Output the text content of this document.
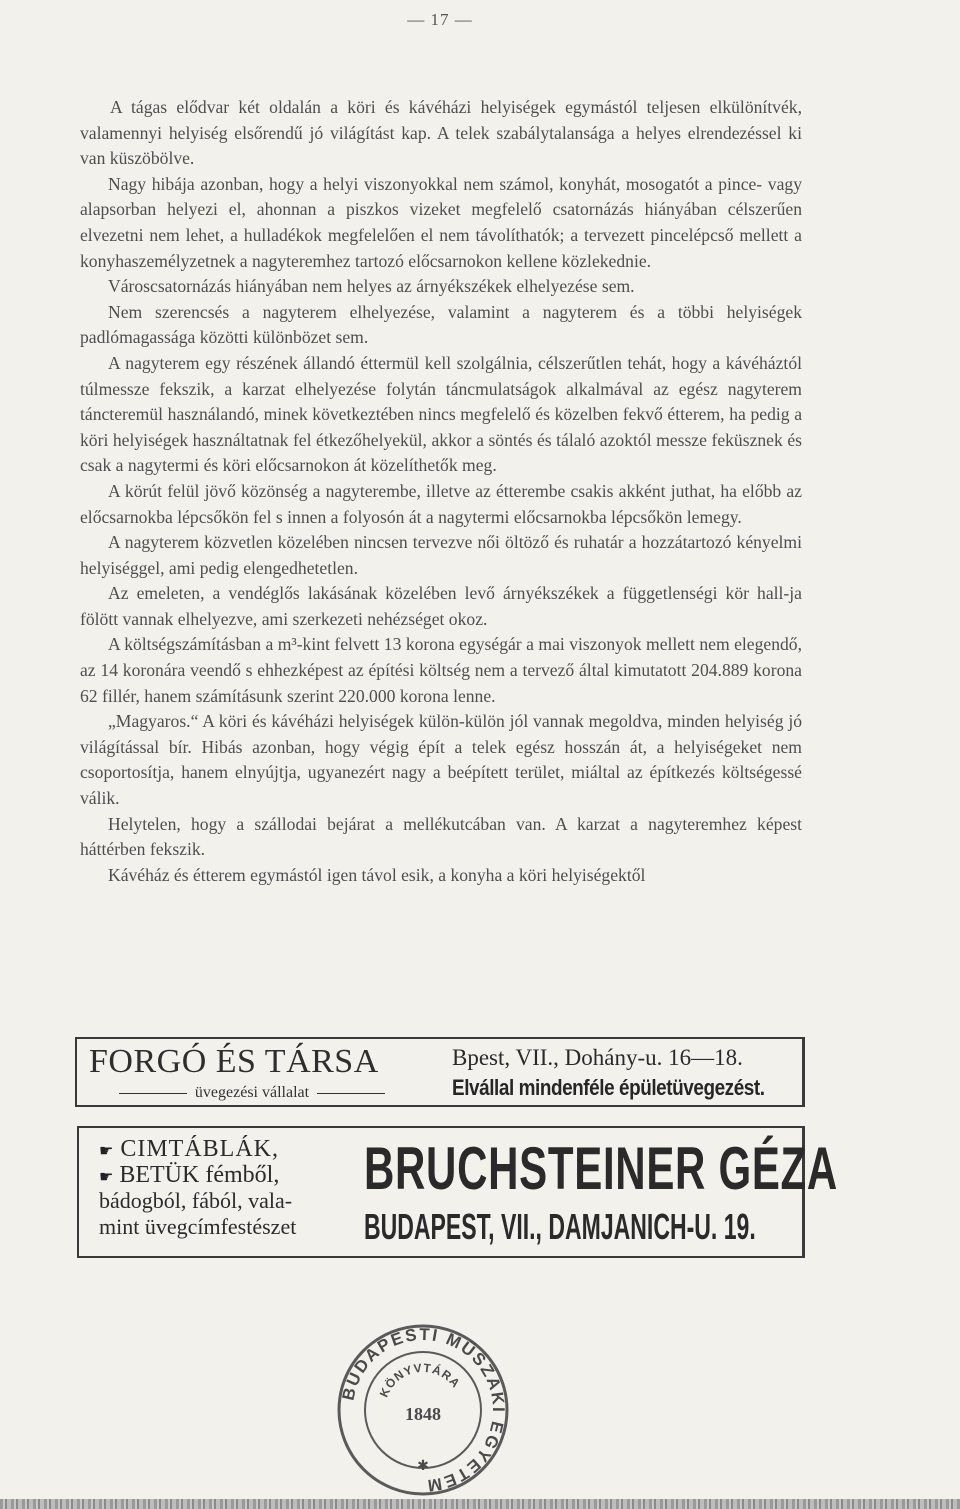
— 17 —

A tágas elődvar két oldalán a köri és kávéházi helyiségek egymástól teljesen elkülönítvék, valamennyi helyiség elsőrendű jó világítást kap. A telek szabálytalansága a helyes elrendezéssel ki van küszöbölve.

Nagy hibája azonban, hogy a helyi viszonyokkal nem számol, konyhát, mosogatót a pince- vagy alapsorban helyezi el, ahonnan a piszkos vizeket megfelelő csatornázás hiányában célszerűen elvezetni nem lehet, a hulladékok megfelelően el nem távolíthatók; a tervezett pincelépcső mellett a konyhaszemélyzetnek a nagyteremhez tartozó előcsarnokon kellene közlekednie.

Városcsatornázás hiányában nem helyes az árnyékszékek elhelyezése sem.

Nem szerencsés a nagyterem elhelyezése, valamint a nagyterem és a többi helyiségek padlómagassága közötti különbözet sem.

A nagyterem egy részének állandó éttermül kell szolgálnia, célszerűtlen tehát, hogy a kávéháztól túlmessze fekszik, a karzat elhelyezése folytán táncmulatságok alkalmával az egész nagyterem táncteremül használandó, minek következtében nincs megfelelő és közelben fekvő étterem, ha pedig a köri helyiségek használtatnak fel étkezőhelyekül, akkor a söntés és tálaló azoktól messze feküsznek és csak a nagytermi és köri előcsarnokon át közelíthetők meg.

A körút felül jövő közönség a nagyterembe, illetve az étterembe csakis akként juthat, ha előbb az előcsarnokba lépcsőkön fel s innen a folyosón át a nagytermi előcsarnokba lépcsőkön lemegy.

A nagyterem közvetlen közelében nincsen tervezve női öltöző és ruhatár a hozzátartozó kényelmi helyiséggel, ami pedig elengedhetetlen.

Az emeleten, a vendéglős lakásának közelében levő árnyékszékek a függetlenségi kör hall-ja fölött vannak elhelyezve, ami szerkezeti nehézséget okoz.

A költségszámításban a m³-kint felvett 13 korona egységár a mai viszonyok mellett nem elegendő, az 14 koronára veendő s ehhezképest az építési költség nem a tervező által kimutatott 204.889 korona 62 fillér, hanem számításunk szerint 220.000 korona lenne.

„Magyaros.“ A köri és kávéházi helyiségek külön-külön jól vannak megoldva, minden helyiség jó világítással bír. Hibás azonban, hogy végig épít a telek egész hosszán át, a helyiségeket nem csoportosítja, hanem elnyújtja, ugyanezért nagy a beépített terület, miáltal az építkezés költségessé válik.

Helytelen, hogy a szállodai bejárat a mellékutcában van. A karzat a nagyteremhez képest háttérben fekszik.

Kávéház és étterem egymástól igen távol esik, a konyha a köri helyiségektől

FORGÓ ÉS TÁRSA
üvegezési vállalat
Bpest, VII., Dohány-u. 16—18.
Elvállal mindenféle épületüvegezést.
☛ CIMTÁBLÁK,
☛ BETÜK fémből,
bádogból, fából, vala-
mint üvegcímfestészet
BRUCHSTEINER GÉZA
BUDAPEST, VII., DAMJANICH-U. 19.
BUDAPESTI MŰSZAKI EGYETEM
KÖNYVTÁRA
1848
✱
